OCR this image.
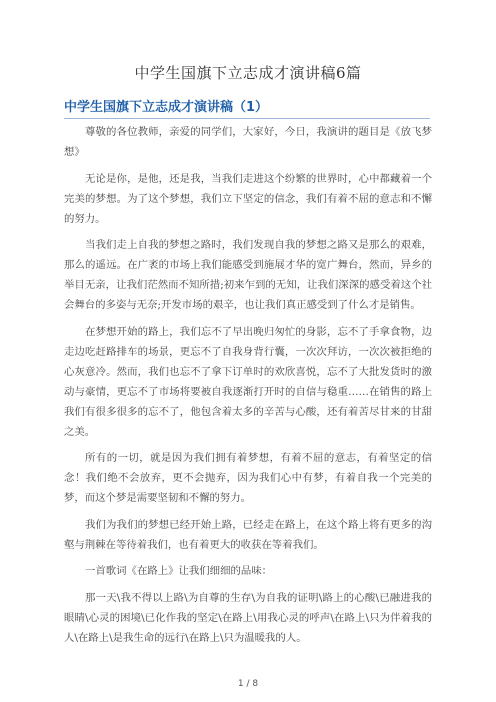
中学生国旗下立志成才演讲稿6篇
中学生国旗下立志成才演讲稿（1）

尊敬的各位教师，亲爱的同学们，大家好，今日，我演讲的题目是《放飞梦想》

无论是你，是他，还是我，当我们走进这个纷繁的世界时，心中都藏着一个完美的梦想。为了这个梦想，我们立下坚定的信念，我们有着不屈的意志和不懈的努力。

当我们走上自我的梦想之路时，我们发现自我的梦想之路又是那么的艰难，那么的遥远。在广袤的市场上我们能感受到施展才华的宽广舞台，然而，异乡的举目无亲，让我们茫然而不知所措;初来乍到的无知，让我们深深的感受着这个社会舞台的多姿与无奈;开发市场的艰辛，也让我们真正感受到了什么才是销售。

在梦想开始的路上，我们忘不了早出晚归匆忙的身影，忘不了手拿食物，边走边吃赶路排车的场景，更忘不了自我身背行囊，一次次拜访，一次次被拒绝的心灰意冷。然而，我们也忘不了拿下订单时的欢欣喜悦，忘不了大批发货时的激动与豪情，更忘不了市场将要被自我逐渐打开时的自信与稳重……在销售的路上我们有很多很多的忘不了，他包含着太多的辛苦与心酸，还有着苦尽甘来的甘甜之美。

所有的一切，就是因为我们拥有着梦想，有着不屈的意志，有着坚定的信念！我们绝不会放弃，更不会抛弃，因为我们心中有梦，有着自我一个完美的梦，而这个梦是需要坚韧和不懈的努力。

我们为我们的梦想已经开始上路，已经走在路上，在这个路上将有更多的沟壑与荆棘在等待着我们，也有着更大的收获在等着我们。

一首歌词《在路上》让我们细细的品味：

那一天\我不得以上路\为自尊的生存\为自我的证明\路上的心酸\已融进我的眼睛\心灵的困境\已化作我的坚定\在路上\用我心灵的呼声\在路上\只为伴着我的人\在路上\是我生命的远行\在路上\只为温暖我的人。

1 / 8
